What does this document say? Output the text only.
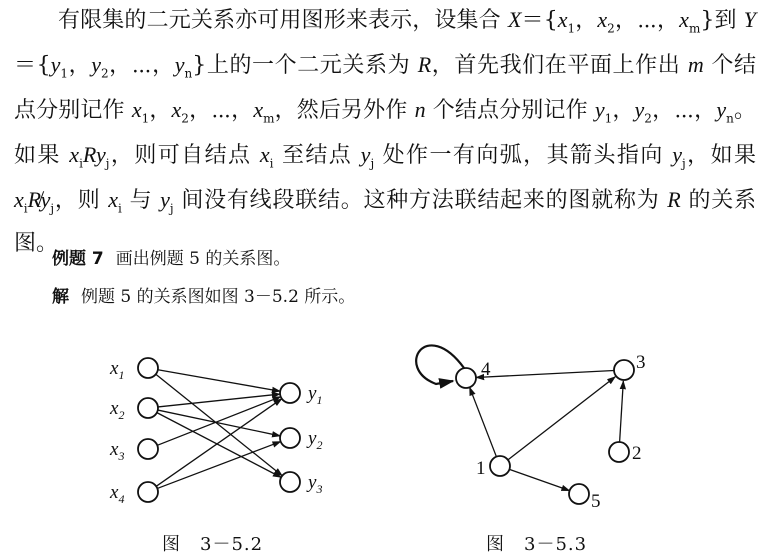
有限集的二元关系亦可用图形来表示，设集合 $X=\{x_1$，$x_2$，⋯，$x_m$}到 $Y=\{y_1$，$y_2$，⋯，$y_n$}上的一个二元关系为 R，首先我们在平面上作出 m 个结点分别记作 $x_1$，$x_2$，⋯，$x_m$，然后另外作 n 个结点分别记作 $y_1$，$y_2$，⋯，$y_n$。如果 $x_iRy_j$，则可自结点 $x_i$ 至结点 $y_j$ 处作一有向弧，其箭头指向 $y_j$，如果 $x_iR̸y_j$，则 $x_i$ 与 $y_j$ 间没有线段联结。这种方法联结起来的图就称为 R 的关系图。
例题 7 画出例题 5 的关系图。
解 例题 5 的关系图如图 3－5.2 所示。
$x_1$
$x_2$
$x_3$
$x_4$
$y_1$
$y_2$
$y_3$
1
2
3
4
5
图　3－5.2	图　3－5.3
